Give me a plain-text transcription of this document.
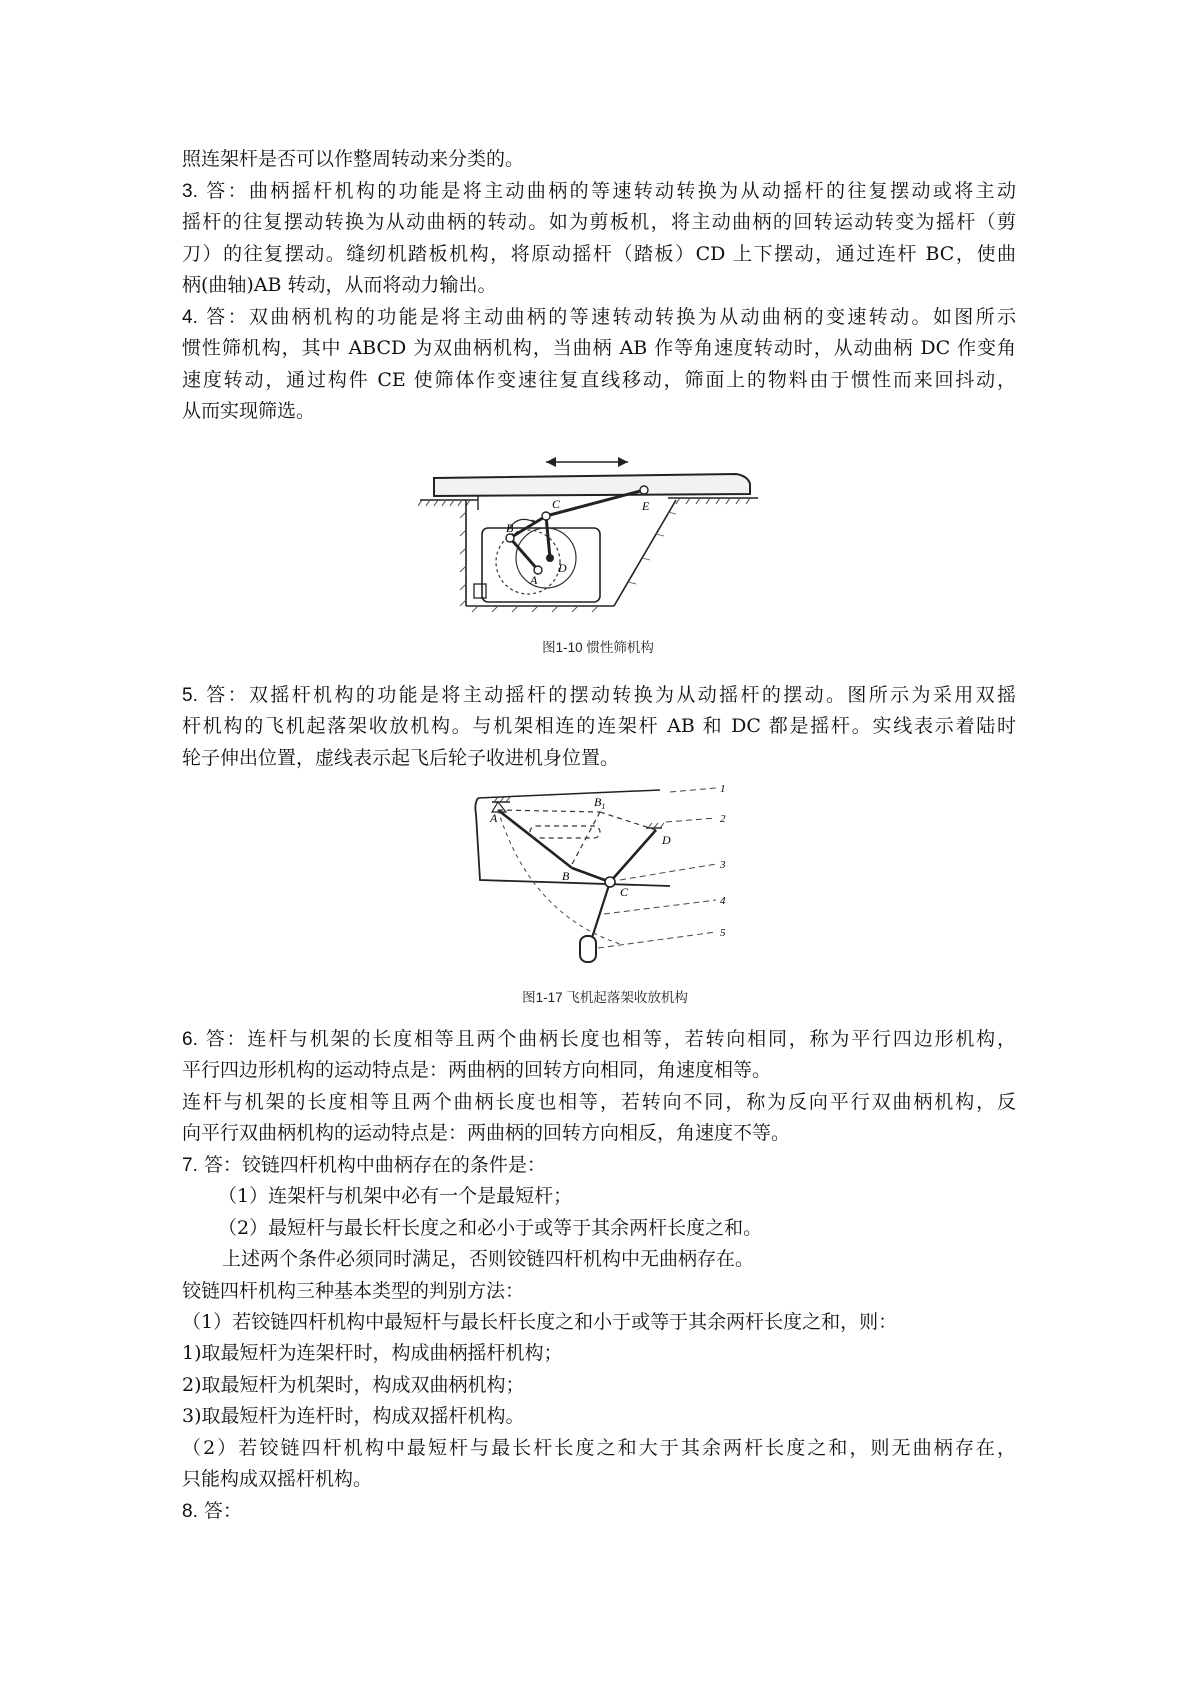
照连架杆是否可以作整周转动来分类的。
3. 答：曲柄摇杆机构的功能是将主动曲柄的等速转动转换为从动摇杆的往复摆动或将主动
摇杆的往复摆动转换为从动曲柄的转动。如为剪板机，将主动曲柄的回转运动转变为摇杆（剪
刀）的往复摆动。缝纫机踏板机构，将原动摇杆（踏板）CD 上下摆动，通过连杆 BC，使曲
柄(曲轴)AB 转动，从而将动力输出。
4. 答：双曲柄机构的功能是将主动曲柄的等速转动转换为从动曲柄的变速转动。如图所示
惯性筛机构，其中 ABCD 为双曲柄机构，当曲柄 AB 作等角速度转动时，从动曲柄 DC 作变角
速度转动，通过构件 CE 使筛体作变速往复直线移动，筛面上的物料由于惯性而来回抖动，
从而实现筛选。
B
C
A
D
E
图1-10 惯性筛机构
5. 答：双摇杆机构的功能是将主动摇杆的摆动转换为从动摇杆的摆动。图所示为采用双摇
杆机构的飞机起落架收放机构。与机架相连的连架杆 AB 和 DC 都是摇杆。实线表示着陆时
轮子伸出位置，虚线表示起飞后轮子收进机身位置。
A
$B_1$
B
C
D
1
2
3
4
5
图1-17 飞机起落架收放机构
6. 答：连杆与机架的长度相等且两个曲柄长度也相等，若转向相同，称为平行四边形机构，
平行四边形机构的运动特点是：两曲柄的回转方向相同，角速度相等。
连杆与机架的长度相等且两个曲柄长度也相等，若转向不同，称为反向平行双曲柄机构，反
向平行双曲柄机构的运动特点是：两曲柄的回转方向相反，角速度不等。
7. 答：铰链四杆机构中曲柄存在的条件是：
（1）连架杆与机架中必有一个是最短杆；
（2）最短杆与最长杆长度之和必小于或等于其余两杆长度之和。
上述两个条件必须同时满足，否则铰链四杆机构中无曲柄存在。
铰链四杆机构三种基本类型的判别方法：
（1）若铰链四杆机构中最短杆与最长杆长度之和小于或等于其余两杆长度之和，则：
1)取最短杆为连架杆时，构成曲柄摇杆机构；
2)取最短杆为机架时，构成双曲柄机构；
3)取最短杆为连杆时，构成双摇杆机构。
（2）若铰链四杆机构中最短杆与最长杆长度之和大于其余两杆长度之和，则无曲柄存在，
只能构成双摇杆机构。
8. 答：
